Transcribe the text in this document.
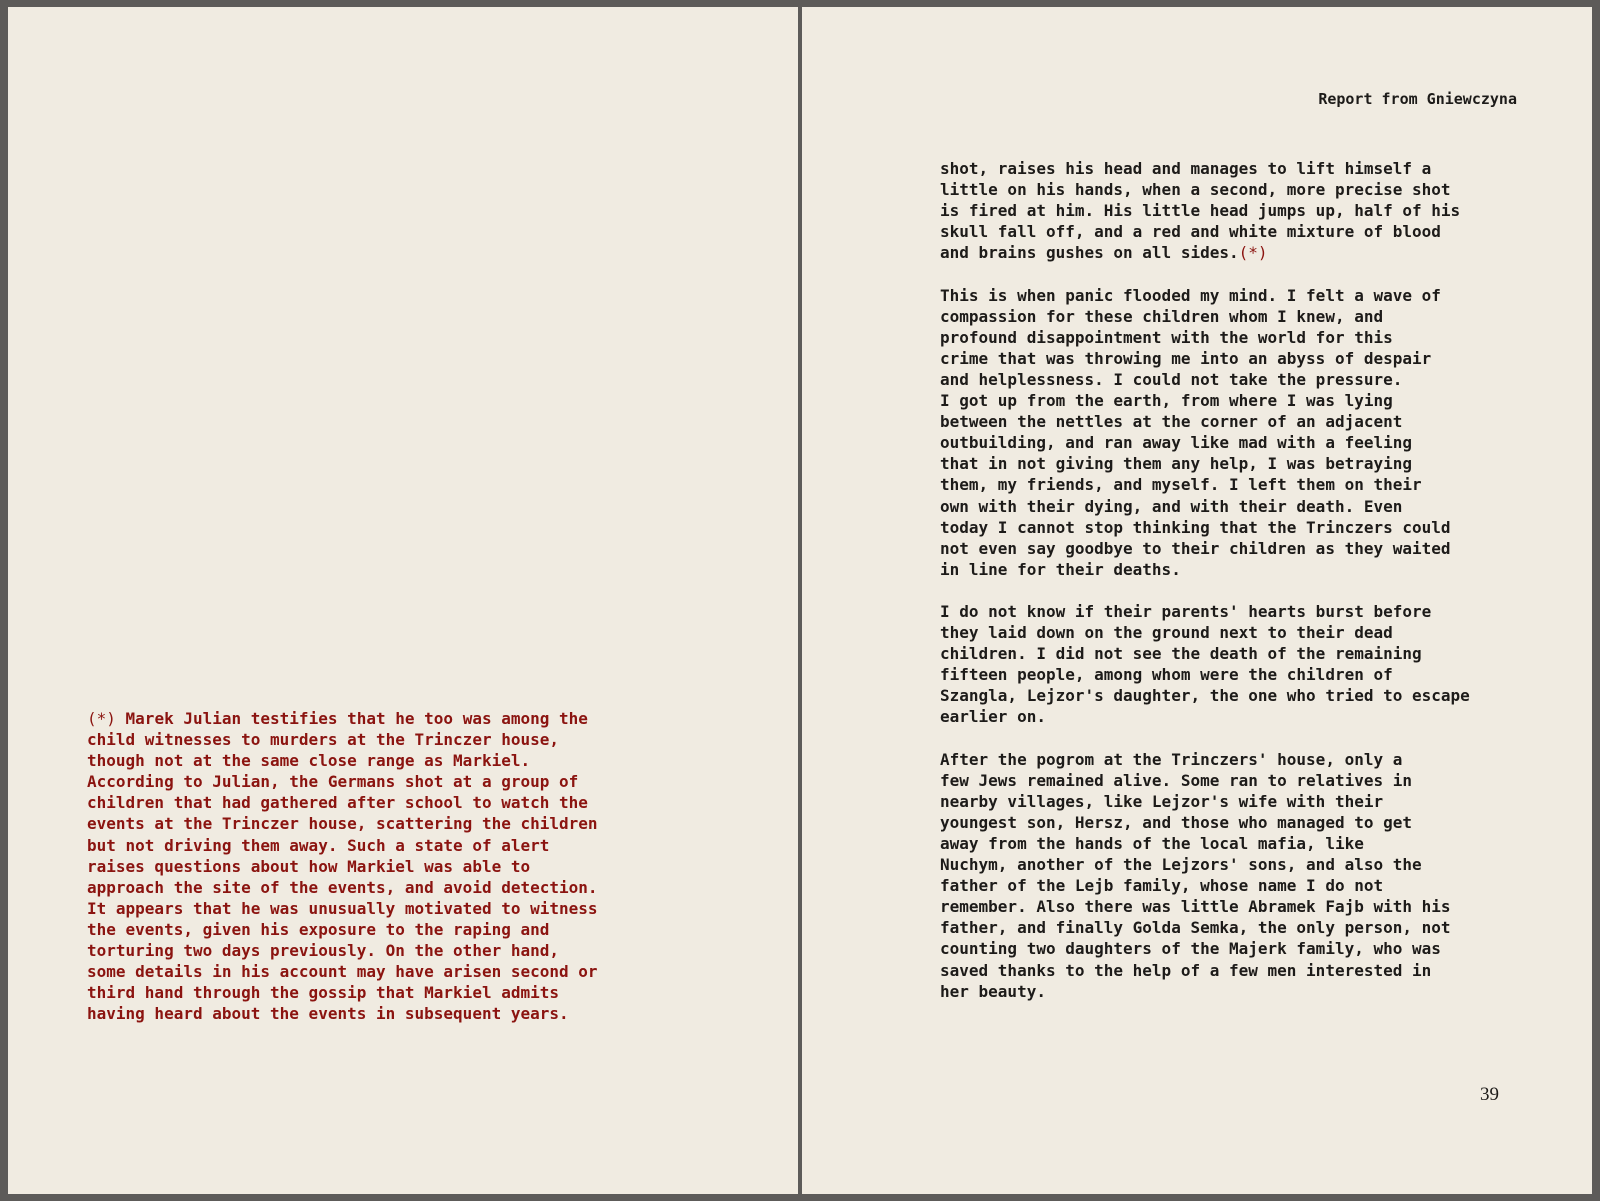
(*) Marek Julian testifies that he too was among the
child witnesses to murders at the Trinczer house,
though not at the same close range as Markiel.
According to Julian, the Germans shot at a group of
children that had gathered after school to watch the
events at the Trinczer house, scattering the children
but not driving them away. Such a state of alert
raises questions about how Markiel was able to
approach the site of the events, and avoid detection.
It appears that he was unusually motivated to witness
the events, given his exposure to the raping and
torturing two days previously. On the other hand,
some details in his account may have arisen second or
third hand through the gossip that Markiel admits
having heard about the events in subsequent years.
Report from Gniewczyna

shot, raises his head and manages to lift himself a
little on his hands, when a second, more precise shot
is fired at him. His little head jumps up, half of his
skull fall off, and a red and white mixture of blood
and brains gushes on all sides.(*)

This is when panic flooded my mind. I felt a wave of
compassion for these children whom I knew, and
profound disappointment with the world for this
crime that was throwing me into an abyss of despair
and helplessness. I could not take the pressure.
I got up from the earth, from where I was lying
between the nettles at the corner of an adjacent
outbuilding, and ran away like mad with a feeling
that in not giving them any help, I was betraying
them, my friends, and myself. I left them on their
own with their dying, and with their death. Even
today I cannot stop thinking that the Trinczers could
not even say goodbye to their children as they waited
in line for their deaths.

I do not know if their parents' hearts burst before
they laid down on the ground next to their dead
children. I did not see the death of the remaining
fifteen people, among whom were the children of
Szangla, Lejzor's daughter, the one who tried to escape
earlier on.

After the pogrom at the Trinczers' house, only a
few Jews remained alive. Some ran to relatives in
nearby villages, like Lejzor's wife with their
youngest son, Hersz, and those who managed to get
away from the hands of the local mafia, like
Nuchym, another of the Lejzors' sons, and also the
father of the Lejb family, whose name I do not
remember. Also there was little Abramek Fajb with his
father, and finally Golda Semka, the only person, not
counting two daughters of the Majerk family, who was
saved thanks to the help of a few men interested in
her beauty.

39
